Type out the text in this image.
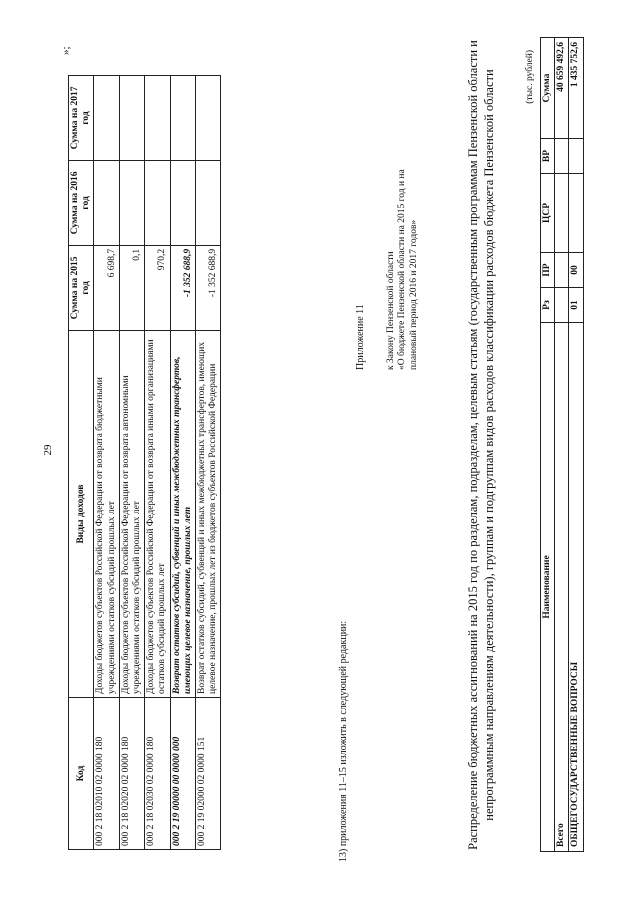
29
Код	Виды доходов	Сумма на 2015 год	Сумма на 2016 год	Сумма на 2017 год
000 2 18 02010 02 0000 180	Доходы бюджетов субъектов Российской Федерации от возврата бюджетными учреждениями остатков субсидий прошлых лет	6 698,7		
000 2 18 02020 02 0000 180	Доходы бюджетов субъектов Российской Федерации от возврата автономными учреждениями остатков субсидий прошлых лет	0,1		
000 2 18 02030 02 0000 180	Доходы бюджетов субъектов Российской Федерации от возврата иными организациями остатков субсидий прошлых лет	970,2		
000 2 19 00000 00 0000 000	Возврат остатков субсидий, субвенций и иных межбюджетных трансфертов, имеющих целевое назначение, прошлых лет	-1 352 688,9		
000 2 19 02000 02 0000 151	Возврат остатков субсидий, субвенций и иных межбюджетных трансфертов, имеющих целевое назначение, прошлых лет из бюджетов субъектов Российской Федерации	-1 352 688,9		
»;
13) приложения 11–15 изложить в следующей редакции:
Приложение 11 к Закону Пензенской области «О бюджете Пензенской области на 2015 год и на плановый период 2016 и 2017 годов»	Распределение бюджетных ассигнований на 2015 год по разделам, подразделам, целевым статьям (государственным программам Пензенской области и непрограммным направлениям деятельности), группам и подгруппам видов расходов классификации расходов бюджета Пензенской области	(тыс. рублей)
Наименование	Рз	ПР	ЦСР	ВР	Сумма
Всего					40 659 492,6
ОБЩЕГОСУДАРСТВЕННЫЕ ВОПРОСЫ	01	00			1 435 752,6
